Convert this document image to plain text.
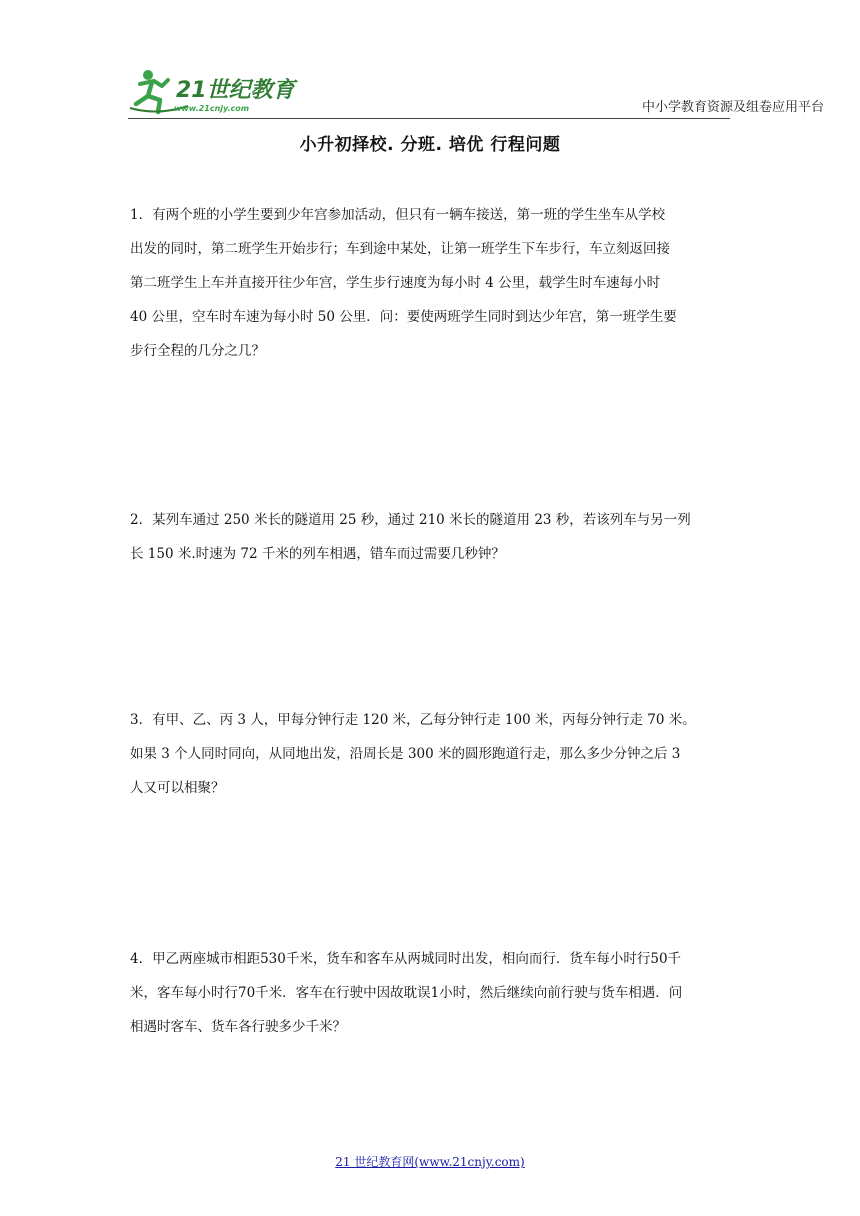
21世纪教育
www.21cnjy.com	中小学教育资源及组卷应用平台
小升初择校. 分班. 培优 行程问题
1．有两个班的小学生要到少年宫参加活动，但只有一辆车接送，第一班的学生坐车从学校
出发的同时，第二班学生开始步行；车到途中某处，让第一班学生下车步行，车立刻返回接
第二班学生上车并直接开往少年宫，学生步行速度为每小时 4 公里，载学生时车速每小时
40 公里，空车时车速为每小时 50 公里．问：要使两班学生同时到达少年宫，第一班学生要
步行全程的几分之几？
2．某列车通过 250 米长的隧道用 25 秒，通过 210 米长的隧道用 23 秒，若该列车与另一列
长 150 米.时速为 72 千米的列车相遇，错车而过需要几秒钟？
3．有甲、乙、丙 3 人，甲每分钟行走 120 米，乙每分钟行走 100 米，丙每分钟行走 70 米。
如果 3 个人同时同向，从同地出发，沿周长是 300 米的圆形跑道行走，那么多少分钟之后 3
人又可以相聚？
4．甲乙两座城市相距530千米，货车和客车从两城同时出发，相向而行．货车每小时行50千
米，客车每小时行70千米．客车在行驶中因故耽误1小时，然后继续向前行驶与货车相遇．问
相遇时客车、货车各行驶多少千米？
21 世纪教育网(www.21cnjy.com)
